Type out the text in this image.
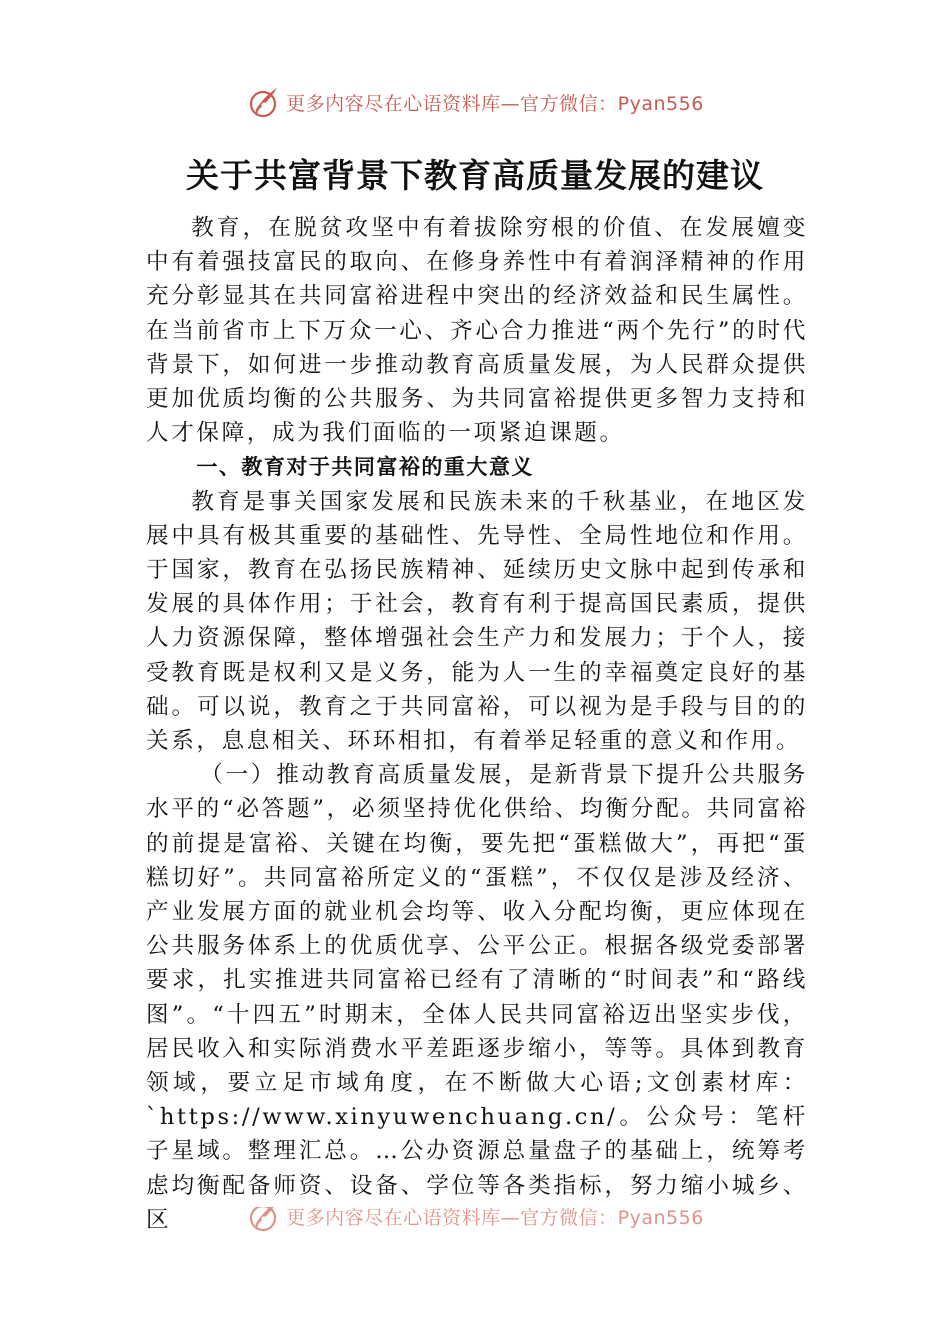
更多内容尽在心语资料库—官方微信：Pyan556
关于共富背景下教育高质量发展的建议

教育，在脱贫攻坚中有着拔除穷根的价值、在发展嬗变中有着强技富民的取向、在修身养性中有着润泽精神的作用充分彰显其在共同富裕进程中突出的经济效益和民生属性。在当前省市上下万众一心、齐心合力推进“两个先行”的时代背景下，如何进一步推动教育高质量发展，为人民群众提供更加优质均衡的公共服务、为共同富裕提供更多智力支持和人才保障，成为我们面临的一项紧迫课题。

一、教育对于共同富裕的重大意义

教育是事关国家发展和民族未来的千秋基业，在地区发展中具有极其重要的基础性、先导性、全局性地位和作用。于国家，教育在弘扬民族精神、延续历史文脉中起到传承和发展的具体作用；于社会，教育有利于提高国民素质，提供人力资源保障，整体增强社会生产力和发展力；于个人，接受教育既是权利又是义务，能为人一生的幸福奠定良好的基础。可以说，教育之于共同富裕，可以视为是手段与目的的关系，息息相关、环环相扣，有着举足轻重的意义和作用。

（一）推动教育高质量发展，是新背景下提升公共服务水平的“必答题”，必须坚持优化供给、均衡分配。共同富裕的前提是富裕、关键在均衡，要先把“蛋糕做大”，再把“蛋糕切好”。共同富裕所定义的“蛋糕”，不仅仅是涉及经济、产业发展方面的就业机会均等、收入分配均衡，更应体现在公共服务体系上的优质优享、公平公正。根据各级党委部署要求，扎实推进共同富裕已经有了清晰的“时间表”和“路线图”。“十四五”时期末，全体人民共同富裕迈出坚实步伐，居民收入和实际消费水平差距逐步缩小，等等。具体到教育领域，要立足市域角度，在不断做大心语;文创素材库：`https://www.xinyuwenchuang.cn/。公众号：笔杆子星域。整理汇总。…公办资源总量盘子的基础上，统筹考虑均衡配备师资、设备、学位等各类指标，努力缩小城乡、区	更多内容尽在心语资料库—官方微信：Pyan556
